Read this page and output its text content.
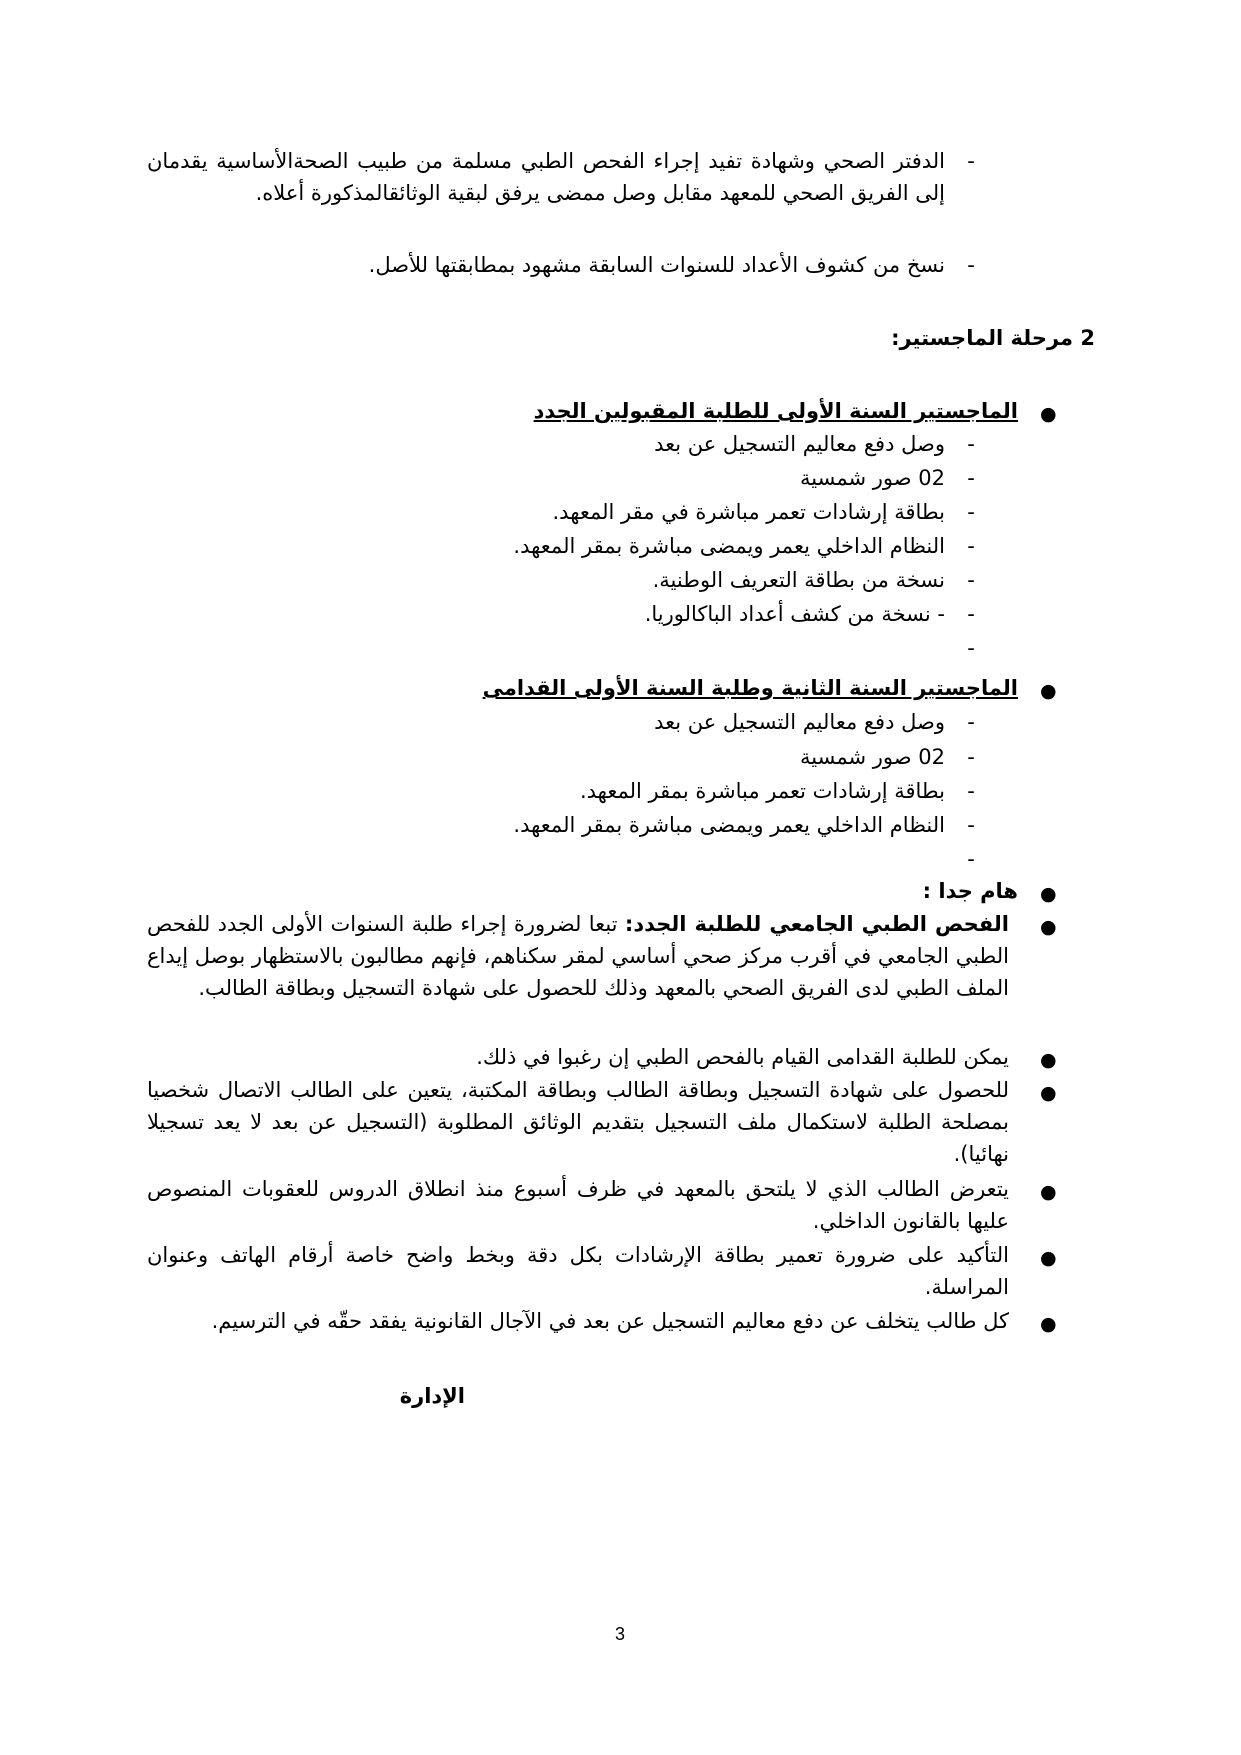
-
الدفتر الصحي وشهادة تفيد إجراء الفحص الطبي مسلمة من طبيب الصحةالأساسية يقدمان إلى الفريق الصحي للمعهد مقابل وصل ممضى يرفق لبقية الوثائقالمذكورة أعلاه.
-
نسخ من كشوف الأعداد للسنوات السابقة مشهود بمطابقتها للأصل.
2 مرحلة الماجستير:
●
الماجستير السنة الأولى للطلبة المقبولين الجدد
-
وصل دفع معاليم التسجيل عن بعد
-
02 صور شمسية
-
بطاقة إرشادات تعمر مباشرة في مقر المعهد.
-
النظام الداخلي يعمر ويمضى مباشرة بمقر المعهد.
-
نسخة من بطاقة التعريف الوطنية.
-
- نسخة من كشف أعداد الباكالوريا.
-
●
الماجستير السنة الثانية وطلبة السنة الأولى القدامى
-
وصل دفع معاليم التسجيل عن بعد
-
02 صور شمسية
-
بطاقة إرشادات تعمر مباشرة بمقر المعهد.
-
النظام الداخلي يعمر ويمضى مباشرة بمقر المعهد.
-
●
هام جدا :
●
الفحص الطبي الجامعي للطلبة الجدد: تبعا لضرورة إجراء طلبة السنوات الأولى الجدد للفحص الطبي الجامعي في أقرب مركز صحي أساسي لمقر سكناهم، فإنهم مطالبون بالاستظهار بوصل إيداع الملف الطبي لدى الفريق الصحي بالمعهد وذلك للحصول على شهادة التسجيل وبطاقة الطالب.
●
يمكن للطلبة القدامى القيام بالفحص الطبي إن رغبوا في ذلك.
●
للحصول على شهادة التسجيل وبطاقة الطالب وبطاقة المكتبة، يتعين على الطالب الاتصال شخصيا بمصلحة الطلبة لاستكمال ملف التسجيل بتقديم الوثائق المطلوبة (التسجيل عن بعد لا يعد تسجيلا نهائيا).
●
يتعرض الطالب الذي لا يلتحق بالمعهد في ظرف أسبوع منذ انطلاق الدروس للعقوبات المنصوص عليها بالقانون الداخلي.
●
التأكيد على ضرورة تعمير بطاقة الإرشادات بكل دقة وبخط واضح خاصة أرقام الهاتف وعنوان المراسلة.
●
كل طالب يتخلف عن دفع معاليم التسجيل عن بعد في الآجال القانونية يفقد حقّه في الترسيم.
الإدارة
3
